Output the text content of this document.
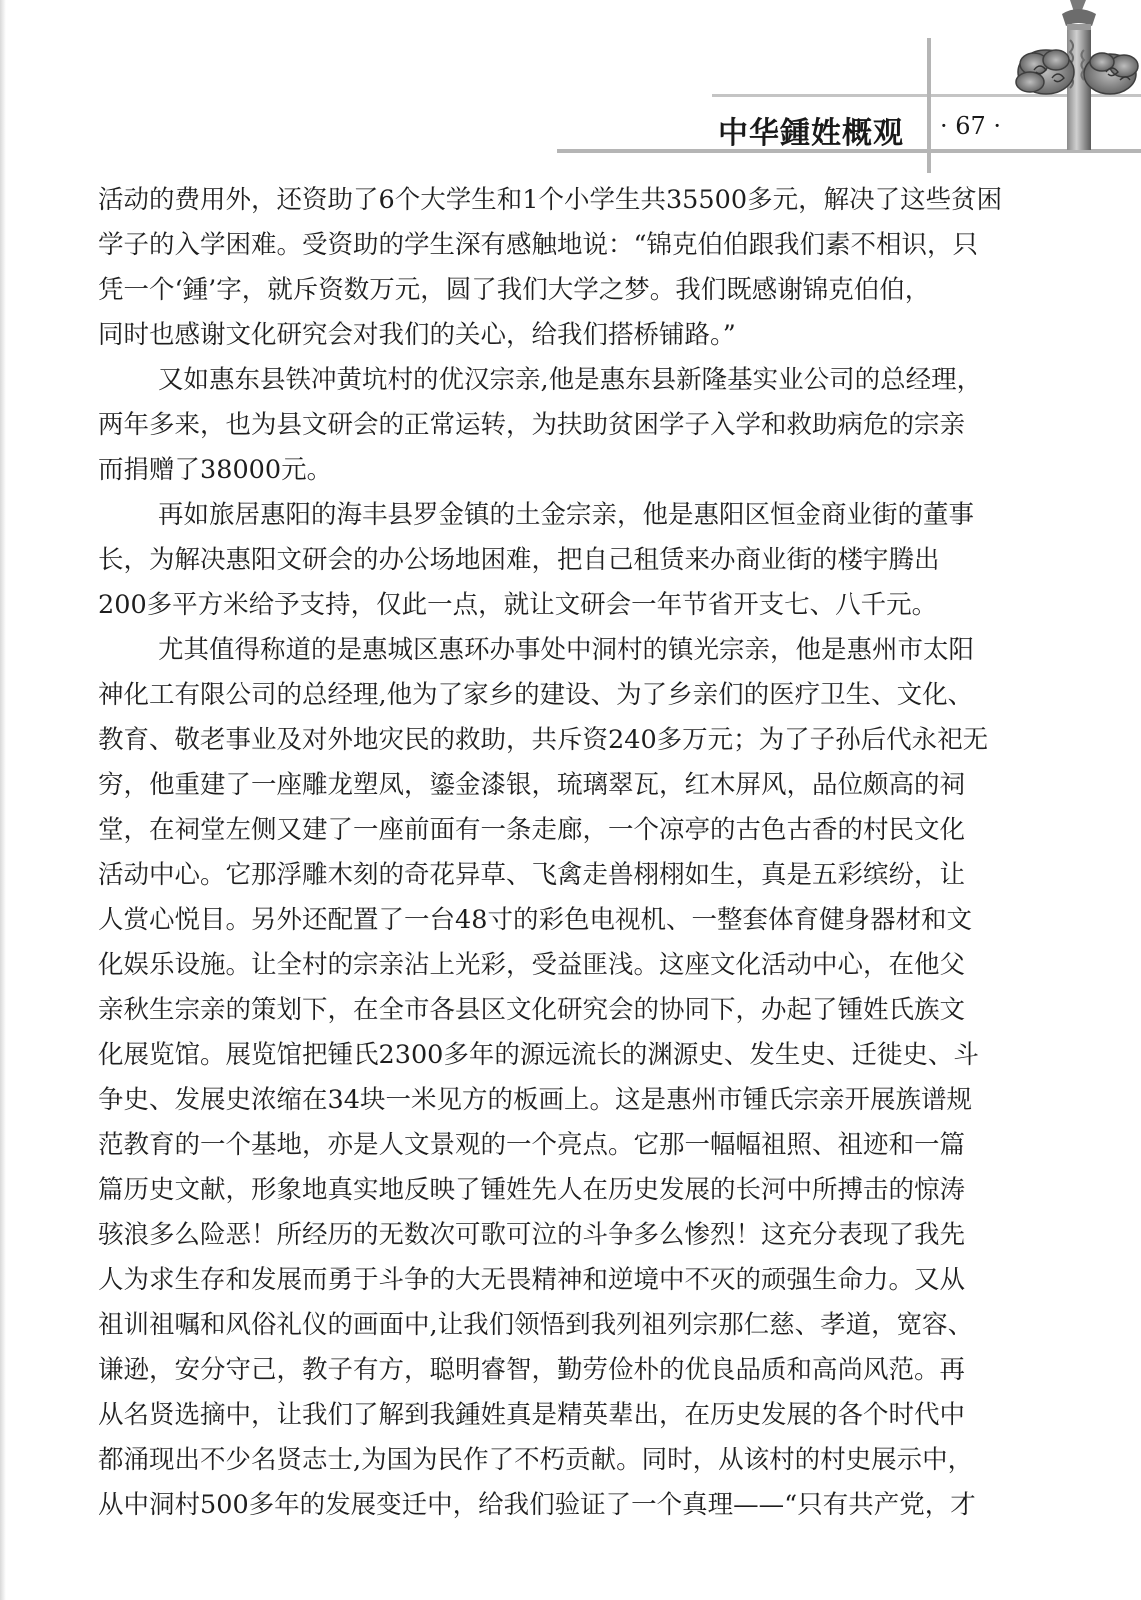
中华鍾姓概观 · 67 ·
活动的费用外，还资助了6个大学生和1个小学生共35500多元，解决了这些贫困
学子的入学困难。受资助的学生深有感触地说：“锦克伯伯跟我们素不相识，只
凭一个‘鍾’字，就斥资数万元，圆了我们大学之梦。我们既感谢锦克伯伯，
同时也感谢文化研究会对我们的关心，给我们搭桥铺路。”
又如惠东县铁冲黄坑村的优汉宗亲,他是惠东县新隆基实业公司的总经理，
两年多来，也为县文研会的正常运转，为扶助贫困学子入学和救助病危的宗亲
而捐赠了38000元。
再如旅居惠阳的海丰县罗金镇的土金宗亲，他是惠阳区恒金商业街的董事
长，为解决惠阳文研会的办公场地困难，把自己租赁来办商业街的楼宇腾出
200多平方米给予支持，仅此一点，就让文研会一年节省开支七、八千元。
尤其值得称道的是惠城区惠环办事处中洞村的镇光宗亲，他是惠州市太阳
神化工有限公司的总经理,他为了家乡的建设、为了乡亲们的医疗卫生、文化、
教育、敬老事业及对外地灾民的救助，共斥资240多万元；为了子孙后代永祀无
穷，他重建了一座雕龙塑凤，鎏金漆银，琉璃翠瓦，红木屏风，品位颇高的祠
堂，在祠堂左侧又建了一座前面有一条走廊，一个凉亭的古色古香的村民文化
活动中心。它那浮雕木刻的奇花异草、飞禽走兽栩栩如生，真是五彩缤纷，让
人赏心悦目。另外还配置了一台48寸的彩色电视机、一整套体育健身器材和文
化娱乐设施。让全村的宗亲沾上光彩，受益匪浅。这座文化活动中心，在他父
亲秋生宗亲的策划下，在全市各县区文化研究会的协同下，办起了锺姓氏族文
化展览馆。展览馆把锺氏2300多年的源远流长的渊源史、发生史、迁徙史、斗
争史、发展史浓缩在34块一米见方的板画上。这是惠州市锺氏宗亲开展族谱规
范教育的一个基地，亦是人文景观的一个亮点。它那一幅幅祖照、祖迹和一篇
篇历史文献，形象地真实地反映了锺姓先人在历史发展的长河中所搏击的惊涛
骇浪多么险恶！所经历的无数次可歌可泣的斗争多么惨烈！这充分表现了我先
人为求生存和发展而勇于斗争的大无畏精神和逆境中不灭的顽强生命力。又从
祖训祖嘱和风俗礼仪的画面中,让我们领悟到我列祖列宗那仁慈、孝道，宽容、
谦逊，安分守己，教子有方，聪明睿智，勤劳俭朴的优良品质和高尚风范。再
从名贤选摘中，让我们了解到我鍾姓真是精英辈出，在历史发展的各个时代中
都涌现出不少名贤志士,为国为民作了不朽贡献。同时，从该村的村史展示中，
从中洞村500多年的发展变迁中，给我们验证了一个真理——“只有共产党，才
